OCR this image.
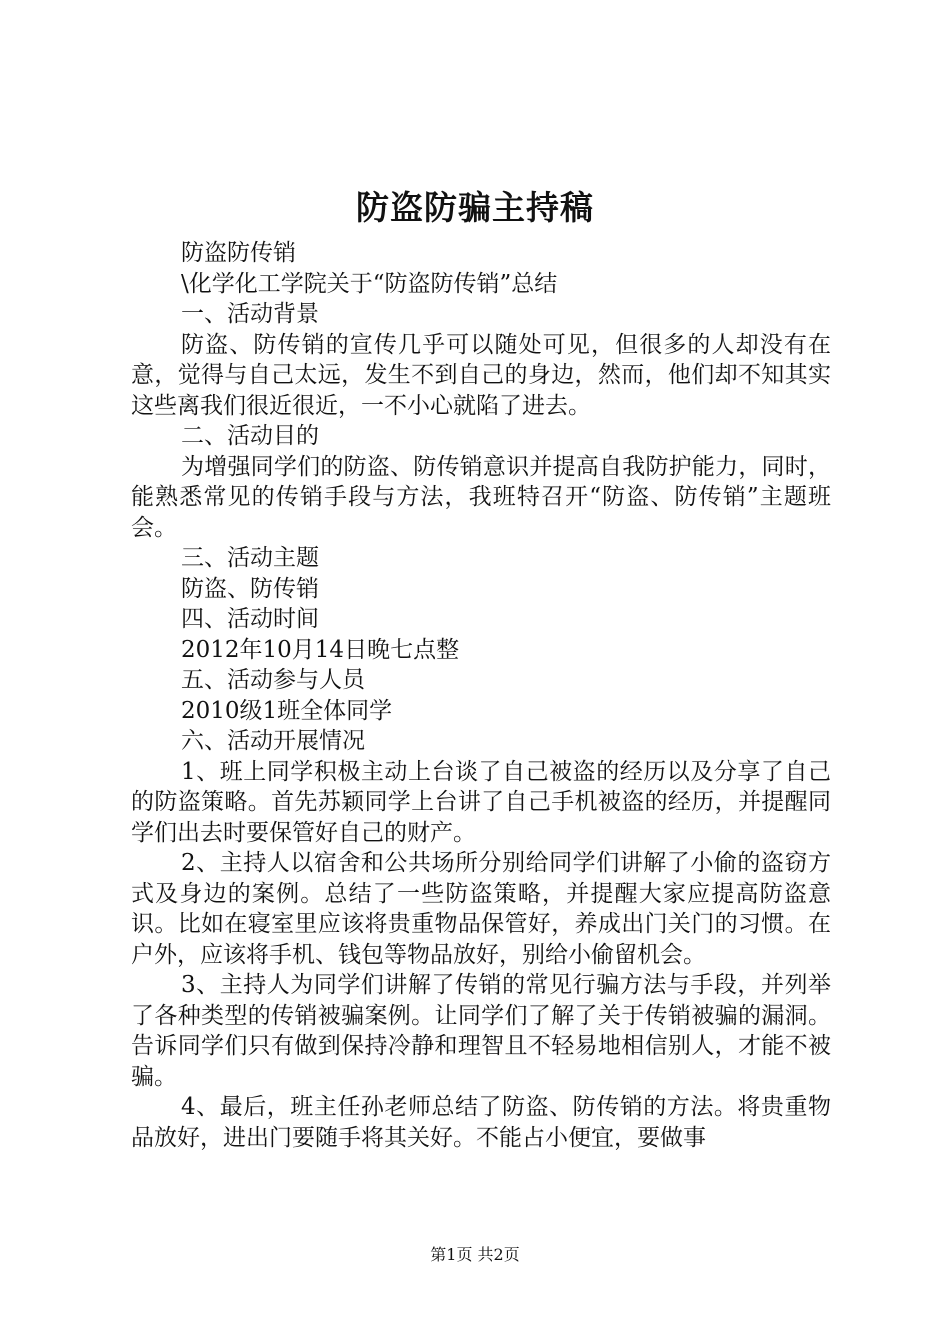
防盗防骗主持稿

防盗防传销

\化学化工学院关于“防盗防传销”总结

一、活动背景

防盗、防传销的宣传几乎可以随处可见，但很多的人却没有在意，觉得与自己太远，发生不到自己的身边，然而，他们却不知其实这些离我们很近很近，一不小心就陷了进去。

二、活动目的

为增强同学们的防盗、防传销意识并提高自我防护能力，同时，能熟悉常见的传销手段与方法，我班特召开“防盗、防传销”主题班会。

三、活动主题

防盗、防传销

四、活动时间

2012年10月14日晚七点整

五、活动参与人员

2010级1班全体同学

六、活动开展情况

1、班上同学积极主动上台谈了自己被盗的经历以及分享了自己的防盗策略。首先苏颖同学上台讲了自己手机被盗的经历，并提醒同学们出去时要保管好自己的财产。

2、主持人以宿舍和公共场所分别给同学们讲解了小偷的盗窃方式及身边的案例。总结了一些防盗策略，并提醒大家应提高防盗意识。比如在寝室里应该将贵重物品保管好，养成出门关门的习惯。在户外，应该将手机、钱包等物品放好，别给小偷留机会。

3、主持人为同学们讲解了传销的常见行骗方法与手段，并列举了各种类型的传销被骗案例。让同学们了解了关于传销被骗的漏洞。告诉同学们只有做到保持冷静和理智且不轻易地相信别人，才能不被骗。

4、最后，班主任孙老师总结了防盗、防传销的方法。将贵重物品放好，进出门要随手将其关好。不能占小便宜，要做事

第1页 共2页
